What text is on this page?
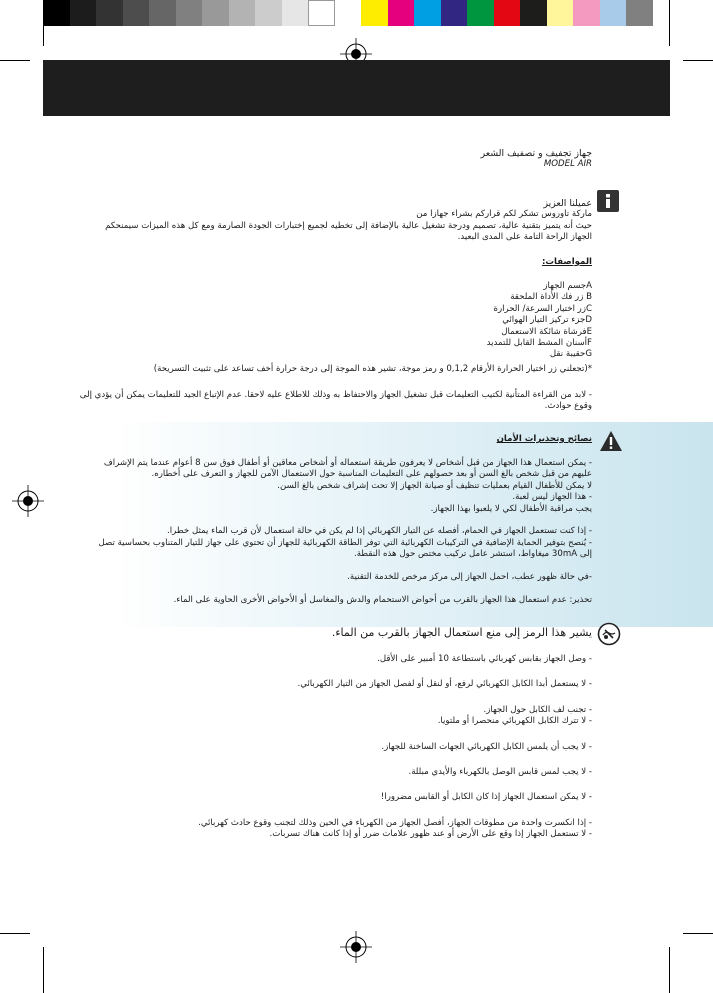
جهاز تجفيف و تصفيف الشعر
MODEL AIR
عميلنا العزيز
ماركة تاوروس تشكر لكم قراركم بشراء جهازا من
حيث أنه يتميز بتقنية عالية، تصميم ودرجة تشغيل عالية بالإضافة إلى تخطيه لجميع إختبارات الجودة الصارمة ومع كل هذه الميزات سيمنحكم
الجهاز الراحة التامة على المدى البعيد.
المواصفات:
Aجسم الجهاز
B زر فك الأداة الملحقة
Cزر اختيار السرعة/ الحرارة
Dجزء تركيز التيار الهوائي
Eفرشاة شائكة الاستعمال
Fأسنان المشط القابل للتمديد
Gحقيبة نقل
*(تجعلني زر اختيار الحرارة الأرقام 0,1,2 و رمز موجة، تشير هذه الموجة إلى درجة حرارة أخف تساعد على تثبيت التسريحة)
- لابد من القراءة المتأنية لكتيب التعليمات قبل تشغيل الجهاز والاحتفاظ به وذلك للاطلاع عليه لاحقا. عدم الإتباع الجيد للتعليمات يمكن أن يؤدي إلى وقوع حوادث.
نصائح وتحذيرات الأمان

- يمكن استعمال هذا الجهاز من قبل أشخاص لا يعرفون طريقة استعماله أو أشخاص معاقين أو أطفال فوق سن 8 أعوام عندما يتم الإشراف عليهم من قبل شخص بالغ السن أو بعد حصولهم على التعليمات المناسبة حول الاستعمال الآمن للجهاز و التعرف على أخطاره.

لا يمكن للأطفال القيام بعمليات تنظيف أو صيانة الجهاز إلا تحت إشراف شخص بالغ السن.

- هذا الجهاز ليس لعبة.

يجب مراقبة الأطفال لكي لا يلعبوا بهذا الجهاز.

- إذا كنت تستعمل الجهاز في الحمام، أفصله عن التيار الكهربائي إذا لم يكن في حالة استعمال لأن قرب الماء يمثل خطرا.

- يُنصح بتوفير الحماية الإضافية في التركيبات الكهربائية التي توفر الطاقة الكهربائية للجهاز أن تحتوي على جهاز للتيار المتناوب بحساسية تصل إلى 30mA ميغاواط، استشر عامل تركيب مختص حول هذه النقطة.

-في حالة ظهور عطب، احمل الجهاز إلى مركز مرخص للخدمة التقنية.

تحذير: عدم استعمال هذا الجهاز بالقرب من أحواض الاستحمام والدش والمغاسل أو الأحواض الأخرى الحاوية على الماء.

يشير هذا الرمز إلى منع استعمال الجهاز بالقرب من الماء.

- وصل الجهاز بقابس كهربائي باستطاعة 10 أمبير على الأقل.

- لا يستعمل أبدا الكابل الكهربائي لرفع، أو لنقل أو لفصل الجهاز من التيار الكهربائي.

- تجنب لف الكابل حول الجهاز.

- لا تترك الكابل الكهربائي منحصرا أو ملتويا.

- لا يجب أن يلمس الكابل الكهربائي الجهات الساخنة للجهاز.

- لا يجب لمس قابس الوصل بالكهرباء والأيدي مبللة.

- لا يمكن استعمال الجهاز إذا كان الكابل أو القابس مضرورا!

- إذا انكسرت واحدة من مطوقات الجهاز، أفصل الجهاز من الكهرباء في الحين وذلك لتجنب وقوع حادث كهربائي.

- لا تستعمل الجهاز إذا وقع على الأرض أو عند ظهور علامات ضرر أو إذا كانت هناك تسربات.
